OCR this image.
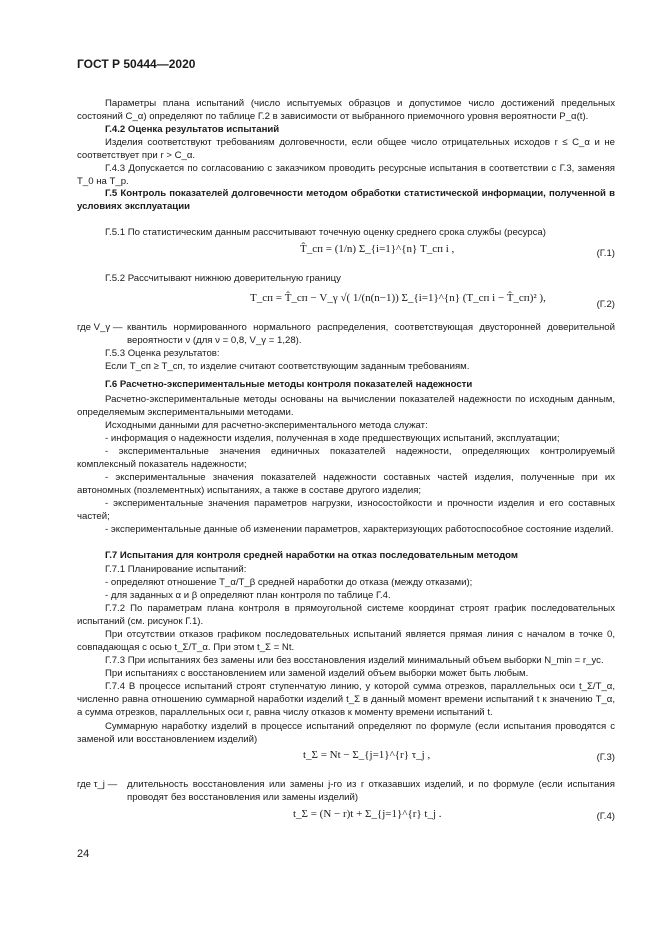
ГОСТ Р 50444—2020

Параметры плана испытаний (число испытуемых образцов и допустимое число достижений предельных состояний C_α) определяют по таблице Г.2 в зависимости от выбранного приемочного уровня вероятности P_α(t).

Г.4.2 Оценка результатов испытаний

Изделия соответствуют требованиям долговечности, если общее число отрицательных исходов r ≤ C_α и не соответствует при r > C_α.

Г.4.3 Допускается по согласованию с заказчиком проводить ресурсные испытания в соответствии с Г.3, заменяя T_0 на T_p.

Г.5 Контроль показателей долговечности методом обработки статистической информации, полученной в условиях эксплуатации

Г.5.1 По статистическим данным рассчитывают точечную оценку среднего срока службы (ресурса)

T̂_сп = (1/n) Σ_{i=1}^{n} T_сп i ,	(Г.1)

Г.5.2 Рассчитывают нижнюю доверительную границу

T_сп = T̂_сп − V_γ √( 1/(n(n−1)) Σ_{i=1}^{n} (T_сп i − T̂_сп)² ),
(Г.2)
где V_γ — квантиль нормированного нормального распределения, соответствующая двусторонней доверительной вероятности ν (для ν = 0,8, V_γ = 1,28).

Г.5.3 Оценка результатов:

Если T_сп ≥ T_сп, то изделие считают соответствующим заданным требованиям.

Г.6 Расчетно-экспериментальные методы контроля показателей надежности

Расчетно-экспериментальные методы основаны на вычислении показателей надежности по исходным данным, определяемым экспериментальными методами.

Исходными данными для расчетно-экспериментального метода служат:

- информация о надежности изделия, полученная в ходе предшествующих испытаний, эксплуатации;

- экспериментальные значения единичных показателей надежности, определяющих контролируемый комплексный показатель надежности;

- экспериментальные значения показателей надежности составных частей изделия, полученные при их автономных (позлементных) испытаниях, а также в составе другого изделия;

- экспериментальные значения параметров нагрузки, износостойкости и прочности изделия и его составных частей;

- экспериментальные данные об изменении параметров, характеризующих работоспособное состояние изделий.

Г.7 Испытания для контроля средней наработки на отказ последовательным методом

Г.7.1 Планирование испытаний:

- определяют отношение T_α/T_β средней наработки до отказа (между отказами);

- для заданных α и β определяют план контроля по таблице Г.4.

Г.7.2 По параметрам плана контроля в прямоугольной системе координат строят график последовательных испытаний (см. рисунок Г.1).

При отсутствии отказов графиком последовательных испытаний является прямая линия с началом в точке 0, совпадающая с осью t_Σ/T_α. При этом t_Σ = Nt.

Г.7.3 При испытаниях без замены или без восстановления изделий минимальный объем выборки N_min = r_ус.

При испытаниях с восстановлением или заменой изделий объем выборки может быть любым.

Г.7.4 В процессе испытаний строят ступенчатую линию, у которой сумма отрезков, параллельных оси t_Σ/T_α, численно равна отношению суммарной наработки изделий t_Σ в данный момент времени испытаний t к значению T_α, а сумма отрезков, параллельных оси r, равна числу отказов к моменту времени испытаний t.

Суммарную наработку изделий в процессе испытаний определяют по формуле (если испытания проводятся с заменой или восстановлением изделий)

t_Σ = Nt − Σ_{j=1}^{r} τ_j ,	(Г.3)
где τ_j — длительность восстановления или замены j-го из r отказавших изделий, и по формуле (если испытания проводят без восстановления или замены изделий)
t_Σ = (N − r)t + Σ_{j=1}^{r} t_j .	(Г.4)
24
